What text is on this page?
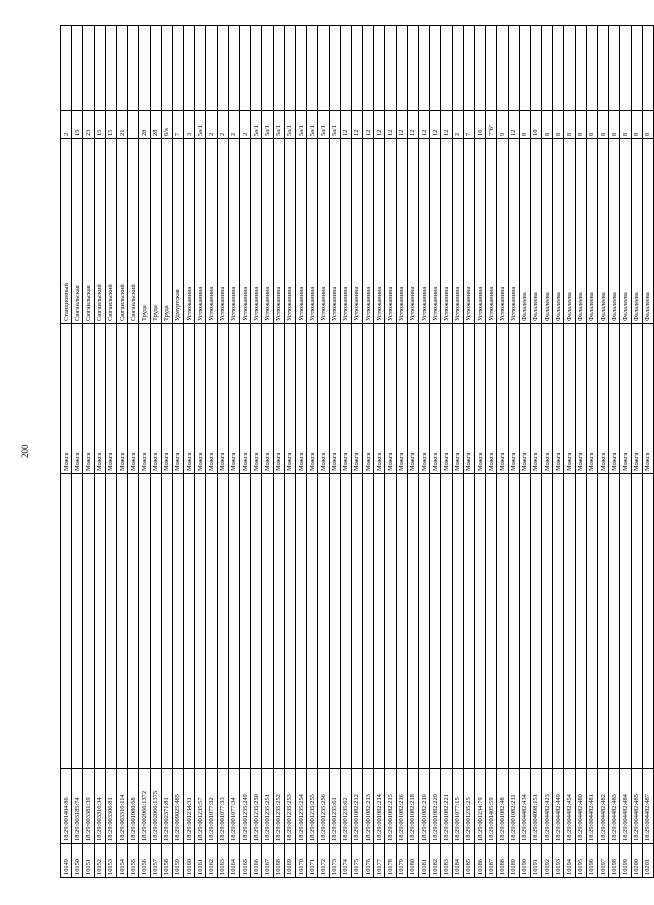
200
10149	18:29:001404:86		Можга	Станционный	2	
10150	18:29:003185:74		Можга	Сюгаильская	15	
10151	18:29:003381:39		Можга	Сюгаильская	23	
10152	18:29:003316:34		Можга	Сюгаильский	15	
10153	18:29:003306:81		Можга	Сюгаильский	15	
10154	18:29:003316:114		Можга	Сюгаильский	21	
10155	18:29:001080:68		Можга	Сюгаильский		
10156	18:29:002066:1372		Можга	Труда	28	
10157	18:29:002066:1375		Можга	Труда	28	
10158	18:29:002371:81		Можга	Труда	6/а	
10159	18:29:009025:485		Можга	Удмуртская	7	
10160	18:29:001234:31		Можга	Устюжанина	3	
10161	18:29:001235:57		Можга	Устюжанина	5а/1	
10162	18:29:001077:32		Можга	Устюжанина	2	
10163	18:29:001077:33		Можга	Устюжанина	2	
10164	18:29:001077:34		Можга	Устюжанина	2	
10165	18:29:001235:249		Можга	Устюжанина	2	
10166	18:29:001235:250		Можга	Устюжанина	5а/1	
10167	18:29:001235:251		Можга	Устюжанина	5а/1	
10168	18:29:001235:252		Можга	Устюжанина	5а/1	
10169	18:29:001235:253		Можга	Устюжанина	5а/1	
10170	18:29:001235:254		Можга	Устюжанина	5а/1	
10171	18:29:001235:255		Можга	Устюжанина	5а/1	
10172	18:29:001235:256		Можга	Устюжанина	5а/1	
10173	18:29:001235:61		Можга	Устюжанина	5а/1	
10174	18:29:001235:62		Можга	Устюжанина	12	
10175	18:29:001082:212		Можга	Устюжанина	12	
10176	18:29:001082:213		Можга	Устюжанина	12	
10177	18:29:001082:214		Можга	Устюжанина	12	
10178	18:29:001082:215		Можга	Устюжанина	12	
10179	18:29:001082:216		Можга	Устюжанина	12	
10180	18:29:001082:218		Можга	Устюжанина	12	
10181	18:29:001082:219		Можга	Устюжанина	12	
10182	18:29:001082:220		Можга	Устюжанина	12	
10183	18:29:001082:221		Можга	Устюжанина	12	
10184	18:29:001077:15		Можга	Устюжанина	2	
10185	18:29:001235:25		Можга	Устюжанина	7	
10186	18:29:001234:79		Можга	Устюжанина	16	
10187	18:29:001405:59		Можга	Устюжанина	7"б"	
10188	18:29:001082:48		Можга	Устюжанина	9	
10189	18:29:001082:211		Можга	Устюжанина	12	
10190	18:29:004482:434		Можга	Фалалеева	8	
10191	18:29:004098:151		Можга	Фалалеева	10	
10192	18:29:004482:423		Можга	Фалалеева	8	
10193	18:29:004482:449		Можга	Фалалеева	8	
10194	18:29:004482:454		Можга	Фалалеева	8	
10195	18:29:004482:480		Можга	Фалалеева	8	
10196	18:29:004482:481		Можга	Фалалеева	8	
10197	18:29:004482:482		Можга	Фалалеева	8	
10198	18:29:004482:483		Можга	Фалалеева	8	
10199	18:29:004482:484		Можга	Фалалеева	8	
10200	18:29:004482:485		Можга	Фалалеева	8	
10201	18:29:004482:487		Можга	Фалалеева	8	
